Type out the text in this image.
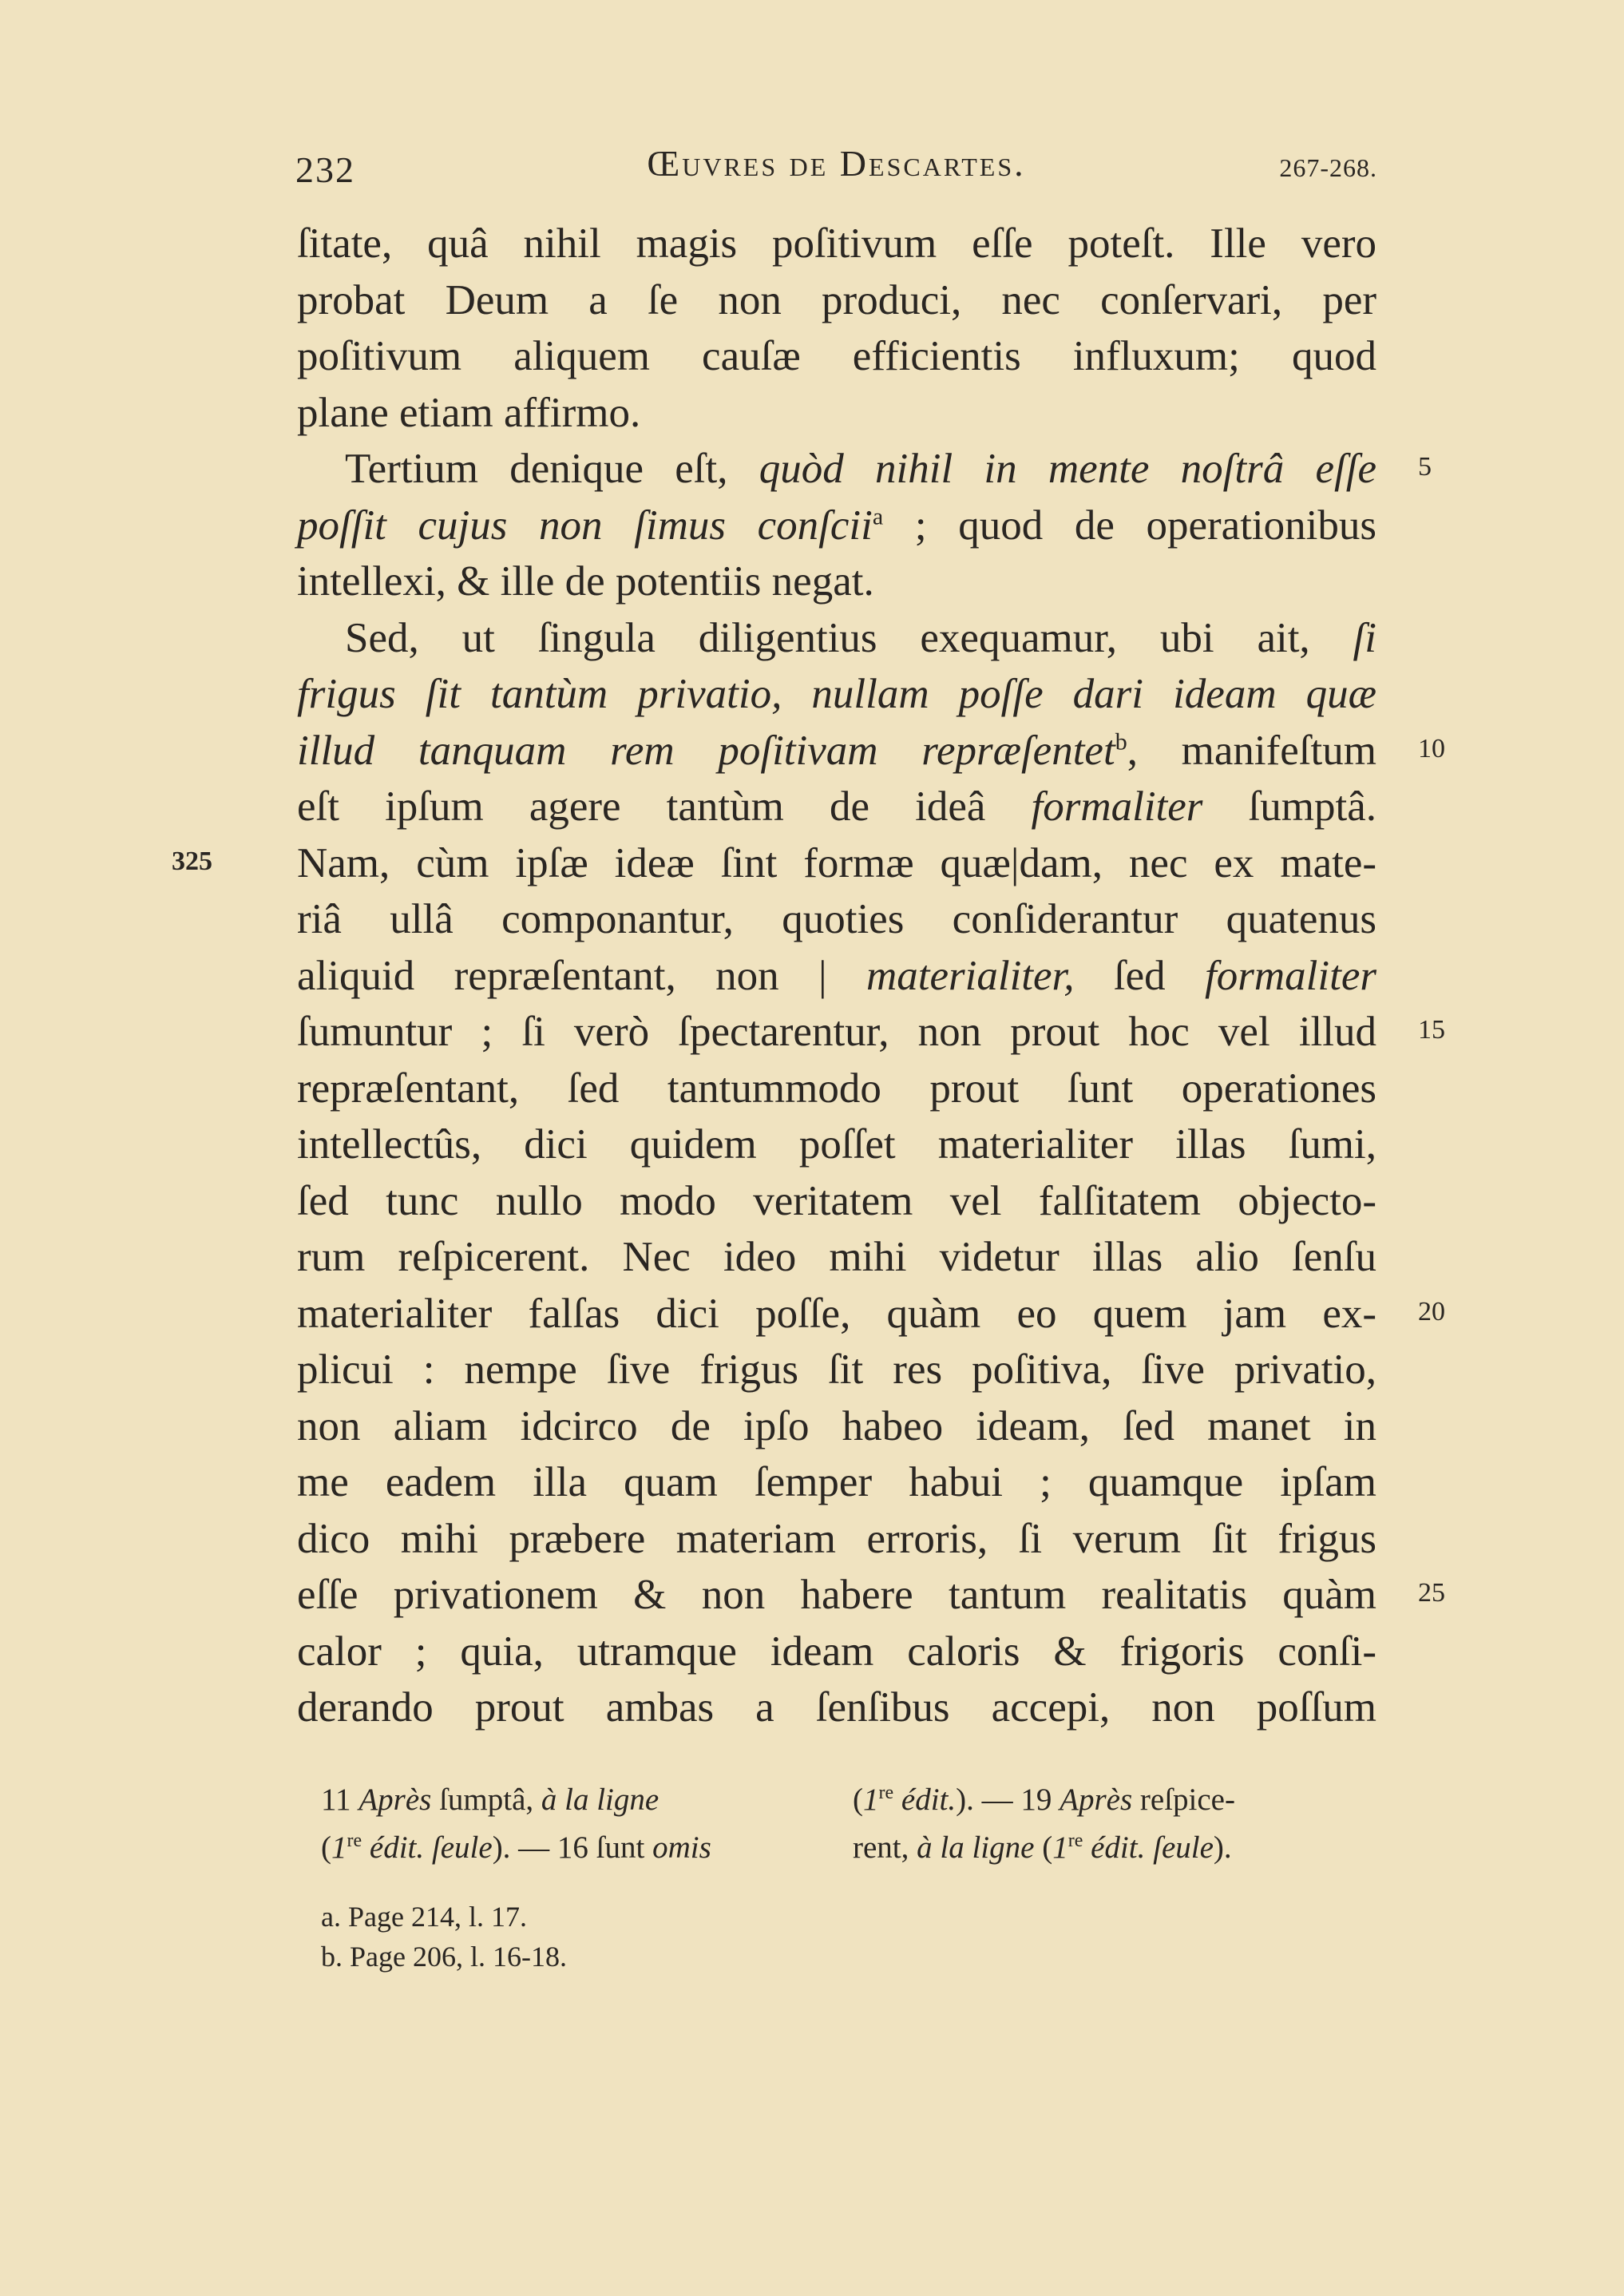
232	Œuvres de Descartes.	267-268.
ſitate, quâ nihil magis poſitivum eſſe poteſt. Ille vero
probat Deum a ſe non produci, nec conſervari, per
poſitivum aliquem cauſæ efficientis influxum; quod
plane etiam affirmo.
Tertium denique eſt, quòd nihil in mente noſtrâ eſſe
poſſit cujus non ſimus conſcii$^a$ ; quod de operationibus
intellexi, & ille de potentiis negat.
Sed, ut ſingula diligentius exequamur, ubi ait, ſi
frigus ſit tantùm privatio, nullam poſſe dari ideam quæ
illud tanquam rem poſitivam repræſentet$^b$, manifeſtum
eſt ipſum agere tantùm de ideâ formaliter ſumptâ.
Nam, cùm ipſæ ideæ ſint formæ quæ|dam, nec ex mate-
riâ ullâ componantur, quoties conſiderantur quatenus
aliquid repræſentant, non | materialiter, ſed formaliter
ſumuntur ; ſi verò ſpectarentur, non prout hoc vel illud
repræſentant, ſed tantummodo prout ſunt operationes
intellectûs, dici quidem poſſet materialiter illas ſumi,
ſed tunc nullo modo veritatem vel falſitatem objecto-
rum reſpicerent. Nec ideo mihi videtur illas alio ſenſu
materialiter falſas dici poſſe, quàm eo quem jam ex-
plicui : nempe ſive frigus ſit res poſitiva, ſive privatio,
non aliam idcirco de ipſo habeo ideam, ſed manet in
me eadem illa quam ſemper habui ; quamque ipſam
dico mihi præbere materiam erroris, ſi verum ſit frigus
eſſe privationem & non habere tantum realitatis quàm
calor ; quia, utramque ideam caloris & frigoris conſi-
derando prout ambas a ſenſibus accepi, non poſſum
5
10
15
20
25
325
11 Après ſumptâ, à la ligne
(1re édit. ſeule). — 16 ſunt omis
(1re édit.). — 19 Après reſpice-
rent, à la ligne (1re édit. ſeule).
a. Page 214, l. 17.
b. Page 206, l. 16-18.
